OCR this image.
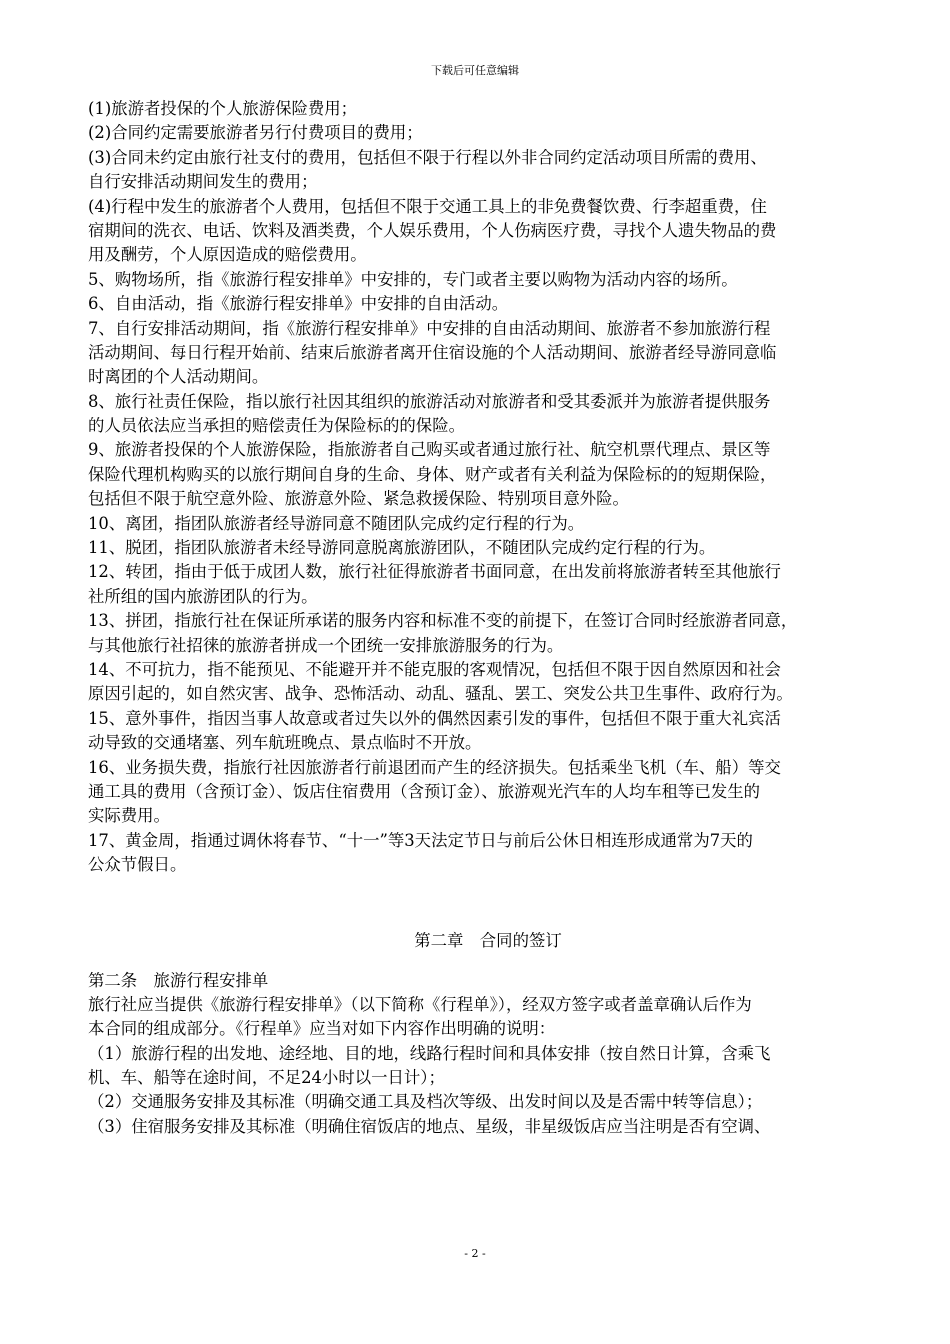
下载后可任意编辑
(1)旅游者投保的个人旅游保险费用；
(2)合同约定需要旅游者另行付费项目的费用；
(3)合同未约定由旅行社支付的费用，包括但不限于行程以外非合同约定活动项目所需的费用、
自行安排活动期间发生的费用；
(4)行程中发生的旅游者个人费用，包括但不限于交通工具上的非免费餐饮费、行李超重费，住
宿期间的洗衣、电话、饮料及酒类费，个人娱乐费用，个人伤病医疗费，寻找个人遗失物品的费
用及酬劳，个人原因造成的赔偿费用。
5、购物场所，指《旅游行程安排单》中安排的，专门或者主要以购物为活动内容的场所。
6、自由活动，指《旅游行程安排单》中安排的自由活动。
7、自行安排活动期间，指《旅游行程安排单》中安排的自由活动期间、旅游者不参加旅游行程
活动期间、每日行程开始前、结束后旅游者离开住宿设施的个人活动期间、旅游者经导游同意临
时离团的个人活动期间。
8、旅行社责任保险，指以旅行社因其组织的旅游活动对旅游者和受其委派并为旅游者提供服务
的人员依法应当承担的赔偿责任为保险标的的保险。
9、旅游者投保的个人旅游保险，指旅游者自己购买或者通过旅行社、航空机票代理点、景区等
保险代理机构购买的以旅行期间自身的生命、身体、财产或者有关利益为保险标的的短期保险，
包括但不限于航空意外险、旅游意外险、紧急救援保险、特别项目意外险。
10、离团，指团队旅游者经导游同意不随团队完成约定行程的行为。
11、脱团，指团队旅游者未经导游同意脱离旅游团队，不随团队完成约定行程的行为。
12、转团，指由于低于成团人数，旅行社征得旅游者书面同意，在出发前将旅游者转至其他旅行
社所组的国内旅游团队的行为。
13、拼团，指旅行社在保证所承诺的服务内容和标准不变的前提下，在签订合同时经旅游者同意，
与其他旅行社招徕的旅游者拼成一个团统一安排旅游服务的行为。
14、不可抗力，指不能预见、不能避开并不能克服的客观情况，包括但不限于因自然原因和社会
原因引起的，如自然灾害、战争、恐怖活动、动乱、骚乱、罢工、突发公共卫生事件、政府行为。
15、意外事件，指因当事人故意或者过失以外的偶然因素引发的事件，包括但不限于重大礼宾活
动导致的交通堵塞、列车航班晚点、景点临时不开放。
16、业务损失费，指旅行社因旅游者行前退团而产生的经济损失。包括乘坐飞机（车、船）等交
通工具的费用（含预订金）、饭店住宿费用（含预订金）、旅游观光汽车的人均车租等已发生的
实际费用。
17、黄金周，指通过调休将春节、“十一”等3天法定节日与前后公休日相连形成通常为7天的
公众节假日。
第二章　合同的签订
第二条　旅游行程安排单
旅行社应当提供《旅游行程安排单》（以下简称《行程单》），经双方签字或者盖章确认后作为
本合同的组成部分。《行程单》应当对如下内容作出明确的说明：
（1）旅游行程的出发地、途经地、目的地，线路行程时间和具体安排（按自然日计算，含乘飞
机、车、船等在途时间，不足24小时以一日计）；
（2）交通服务安排及其标准（明确交通工具及档次等级、出发时间以及是否需中转等信息）；
（3）住宿服务安排及其标准（明确住宿饭店的地点、星级，非星级饭店应当注明是否有空调、
- 2 -
